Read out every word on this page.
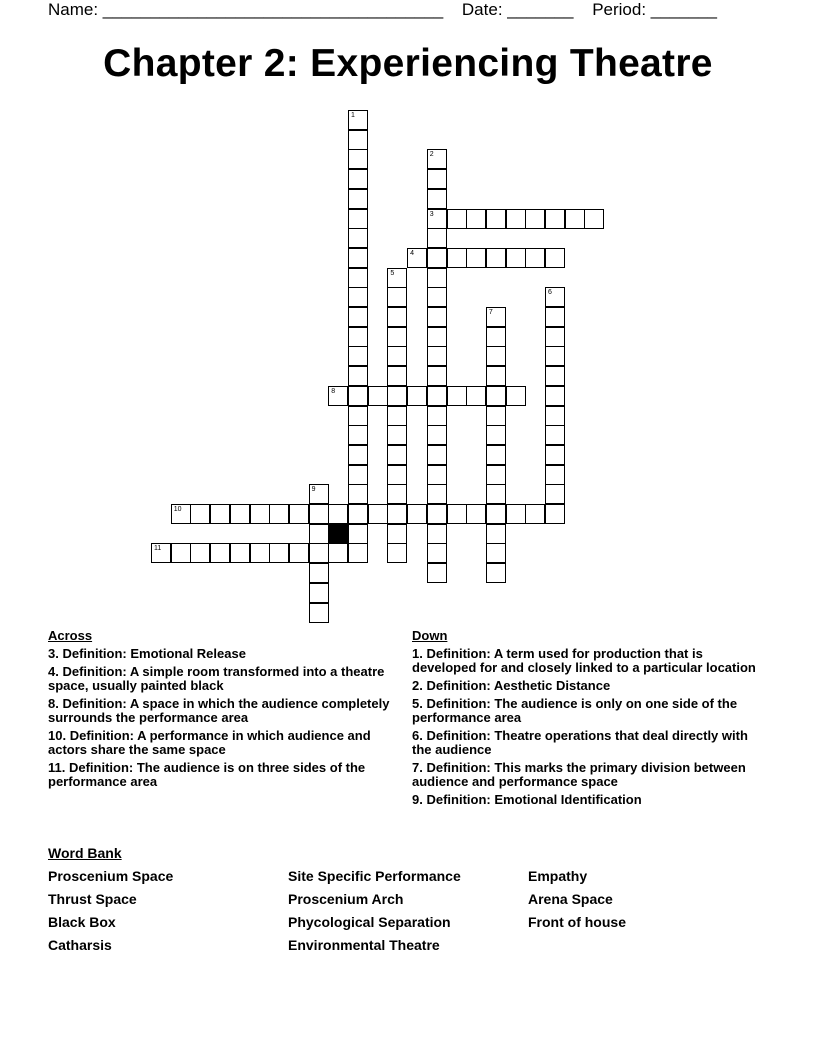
Name: ____________________________________ Date: _______ Period: _______
Chapter 2: Experiencing Theatre
1
2
3
4
5
6
7
8
9
10
11
Across
3. Definition: Emotional Release
4. Definition: A simple room transformed into a theatre space, usually painted black
8. Definition: A space in which the audience completely surrounds the performance area
10. Definition: A performance in which audience and actors share the same space
11. Definition: The audience is on three sides of the performance area
Down
1. Definition: A term used for production that is developed for and closely linked to a particular location
2. Definition: Aesthetic Distance
5. Definition: The audience is only on one side of the performance area
6. Definition: Theatre operations that deal directly with the audience
7. Definition: This marks the primary division between audience and performance space
9. Definition: Emotional Identification
Word Bank
Proscenium Space
Thrust Space
Black Box
Catharsis
Site Specific Performance
Proscenium Arch
Phycological Separation
Environmental Theatre
Empathy
Arena Space
Front of house
